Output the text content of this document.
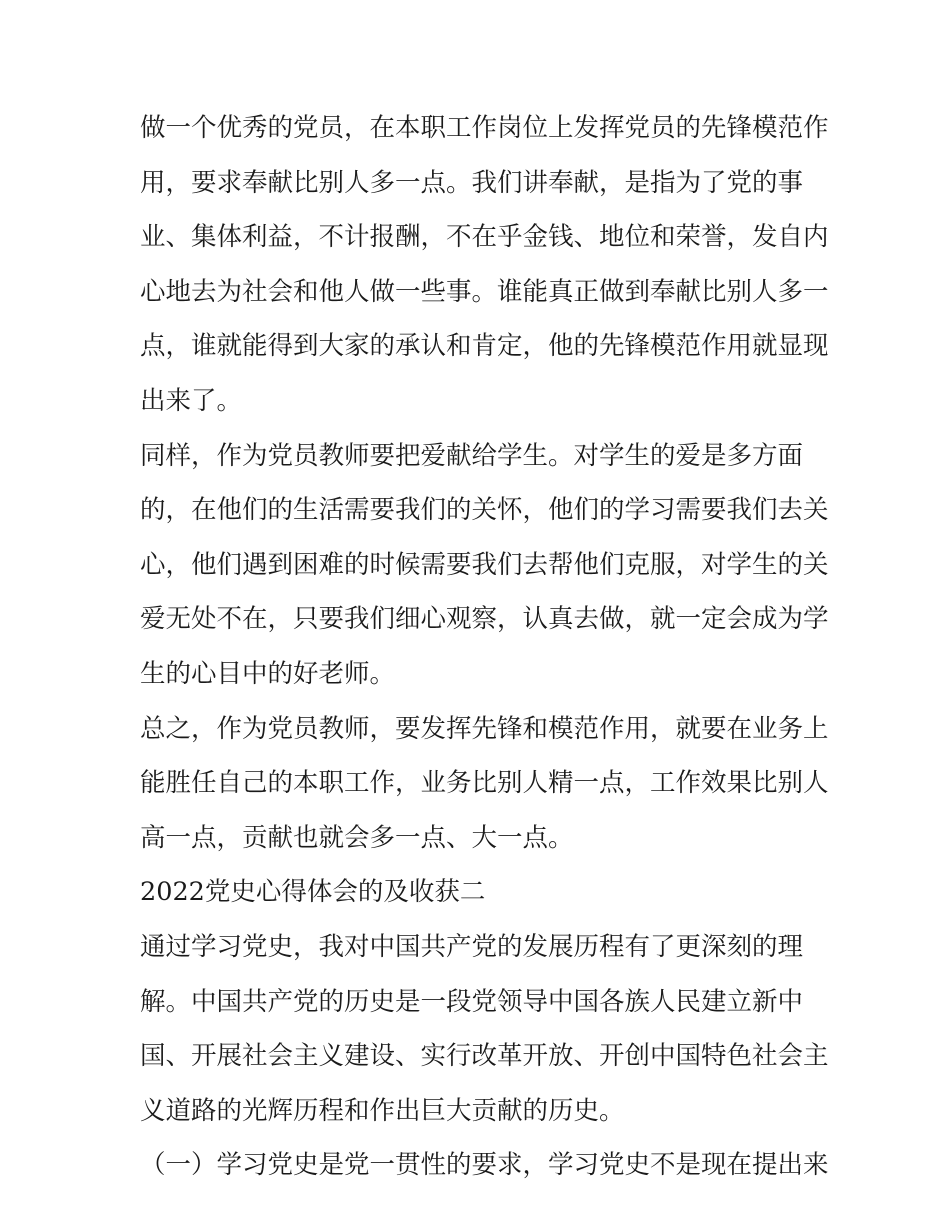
做一个优秀的党员，在本职工作岗位上发挥党员的先锋模范作
用，要求奉献比别人多一点。我们讲奉献，是指为了党的事
业、集体利益，不计报酬，不在乎金钱、地位和荣誉，发自内
心地去为社会和他人做一些事。谁能真正做到奉献比别人多一
点，谁就能得到大家的承认和肯定，他的先锋模范作用就显现
出来了。
同样，作为党员教师要把爱献给学生。对学生的爱是多方面
的，在他们的生活需要我们的关怀，他们的学习需要我们去关
心，他们遇到困难的时候需要我们去帮他们克服，对学生的关
爱无处不在，只要我们细心观察，认真去做，就一定会成为学
生的心目中的好老师。
总之，作为党员教师，要发挥先锋和模范作用，就要在业务上
能胜任自己的本职工作，业务比别人精一点，工作效果比别人
高一点，贡献也就会多一点、大一点。
2022党史心得体会的及收获二
通过学习党史，我对中国共产党的发展历程有了更深刻的理
解。中国共产党的历史是一段党领导中国各族人民建立新中
国、开展社会主义建设、实行改革开放、开创中国特色社会主
义道路的光辉历程和作出巨大贡献的历史。
（一）学习党史是党一贯性的要求，学习党史不是现在提出来
